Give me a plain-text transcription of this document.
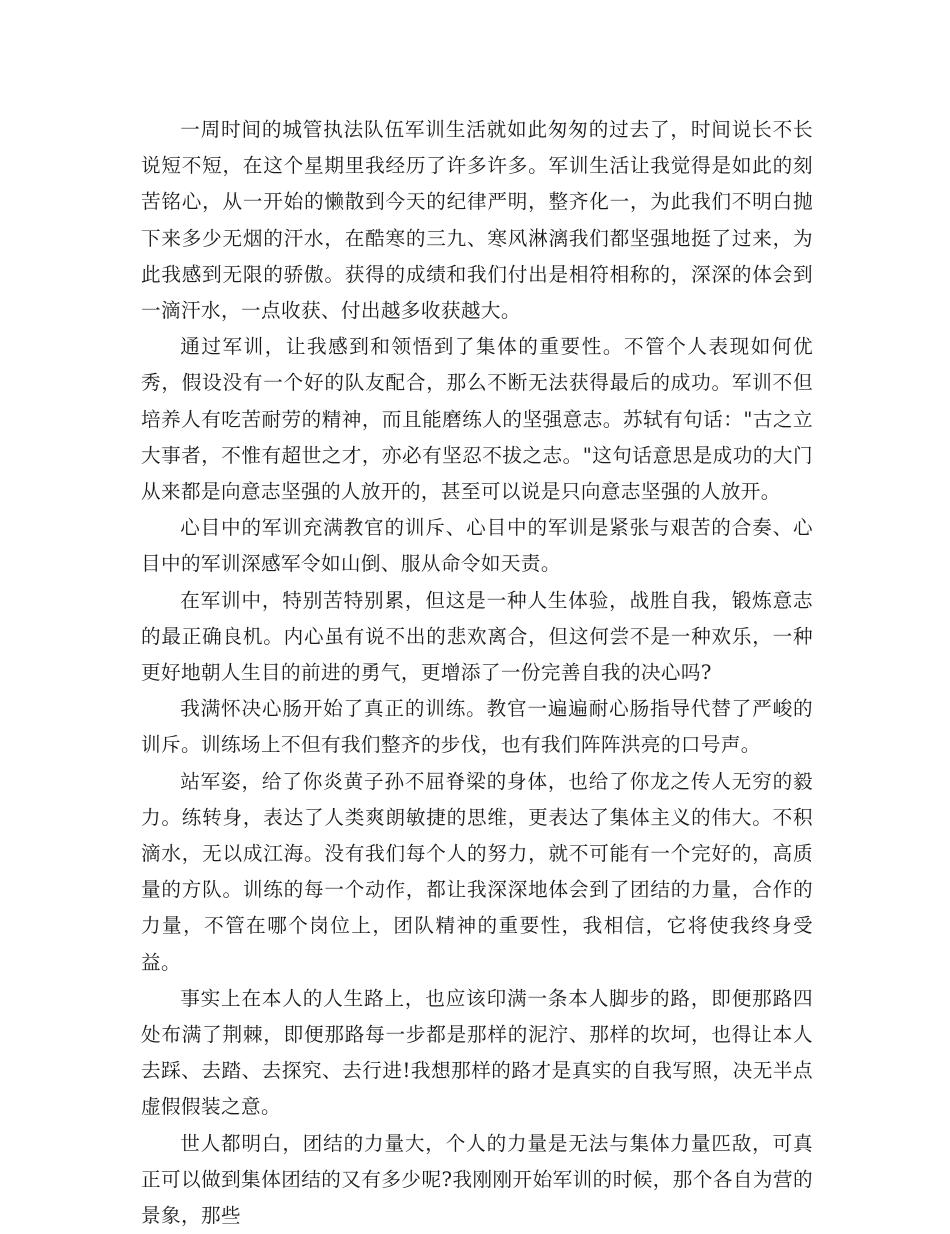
一周时间的城管执法队伍军训生活就如此匆匆的过去了，时间说长不长说短不短，在这个星期里我经历了许多许多。军训生活让我觉得是如此的刻苦铭心，从一开始的懒散到今天的纪律严明，整齐化一，为此我们不明白抛下来多少无烟的汗水，在酷寒的三九、寒风淋漓我们都坚强地挺了过来，为此我感到无限的骄傲。获得的成绩和我们付出是相符相称的，深深的体会到一滴汗水，一点收获、付出越多收获越大。

通过军训，让我感到和领悟到了集体的重要性。不管个人表现如何优秀，假设没有一个好的队友配合，那么不断无法获得最后的成功。军训不但培养人有吃苦耐劳的精神，而且能磨练人的坚强意志。苏轼有句话："古之立大事者，不惟有超世之才，亦必有坚忍不拔之志。"这句话意思是成功的大门从来都是向意志坚强的人放开的，甚至可以说是只向意志坚强的人放开。

心目中的军训充满教官的训斥、心目中的军训是紧张与艰苦的合奏、心目中的军训深感军令如山倒、服从命令如天责。

在军训中，特别苦特别累，但这是一种人生体验，战胜自我，锻炼意志的最正确良机。内心虽有说不出的悲欢离合，但这何尝不是一种欢乐，一种更好地朝人生目的前进的勇气，更增添了一份完善自我的决心吗?

我满怀决心肠开始了真正的训练。教官一遍遍耐心肠指导代替了严峻的训斥。训练场上不但有我们整齐的步伐，也有我们阵阵洪亮的口号声。

站军姿，给了你炎黄子孙不屈脊梁的身体，也给了你龙之传人无穷的毅力。练转身，表达了人类爽朗敏捷的思维，更表达了集体主义的伟大。不积滴水，无以成江海。没有我们每个人的努力，就不可能有一个完好的，高质量的方队。训练的每一个动作，都让我深深地体会到了团结的力量，合作的力量，不管在哪个岗位上，团队精神的重要性，我相信，它将使我终身受益。

事实上在本人的人生路上，也应该印满一条本人脚步的路，即便那路四处布满了荆棘，即便那路每一步都是那样的泥泞、那样的坎坷，也得让本人去踩、去踏、去探究、去行进!我想那样的路才是真实的自我写照，决无半点虚假假装之意。

世人都明白，团结的力量大，个人的力量是无法与集体力量匹敌，可真正可以做到集体团结的又有多少呢?我刚刚开始军训的时候，那个各自为营的景象，那些
